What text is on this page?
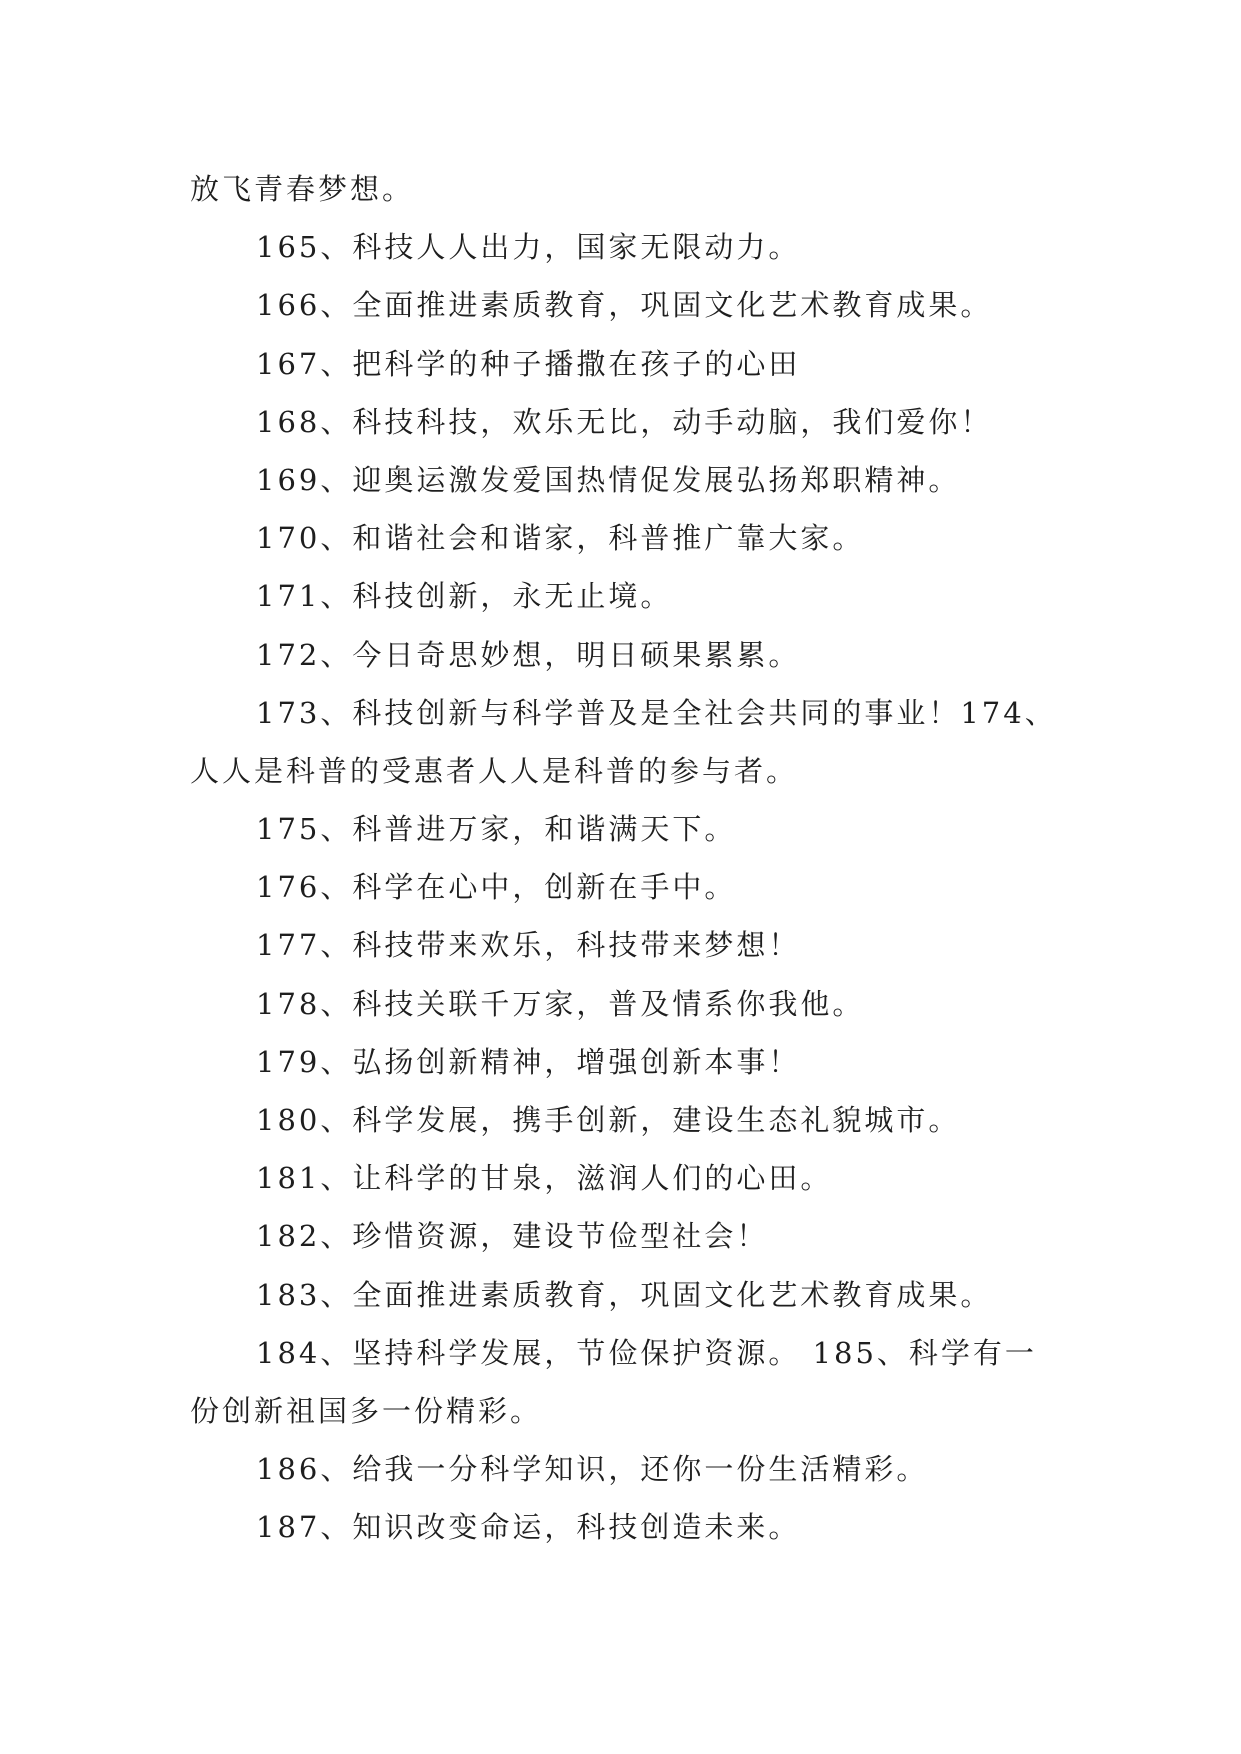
放飞青春梦想。
165、科技人人出力，国家无限动力。
166、全面推进素质教育，巩固文化艺术教育成果。
167、把科学的种子播撒在孩子的心田
168、科技科技，欢乐无比，动手动脑，我们爱你！
169、迎奥运激发爱国热情促发展弘扬郑职精神。
170、和谐社会和谐家，科普推广靠大家。
171、科技创新，永无止境。
172、今日奇思妙想，明日硕果累累。
173、科技创新与科学普及是全社会共同的事业！174、
人人是科普的受惠者人人是科普的参与者。
175、科普进万家，和谐满天下。
176、科学在心中，创新在手中。
177、科技带来欢乐，科技带来梦想！
178、科技关联千万家，普及情系你我他。
179、弘扬创新精神，增强创新本事！
180、科学发展，携手创新，建设生态礼貌城市。
181、让科学的甘泉，滋润人们的心田。
182、珍惜资源，建设节俭型社会！
183、全面推进素质教育，巩固文化艺术教育成果。
184、坚持科学发展，节俭保护资源。 185、科学有一
份创新祖国多一份精彩。
186、给我一分科学知识，还你一份生活精彩。
187、知识改变命运，科技创造未来。
